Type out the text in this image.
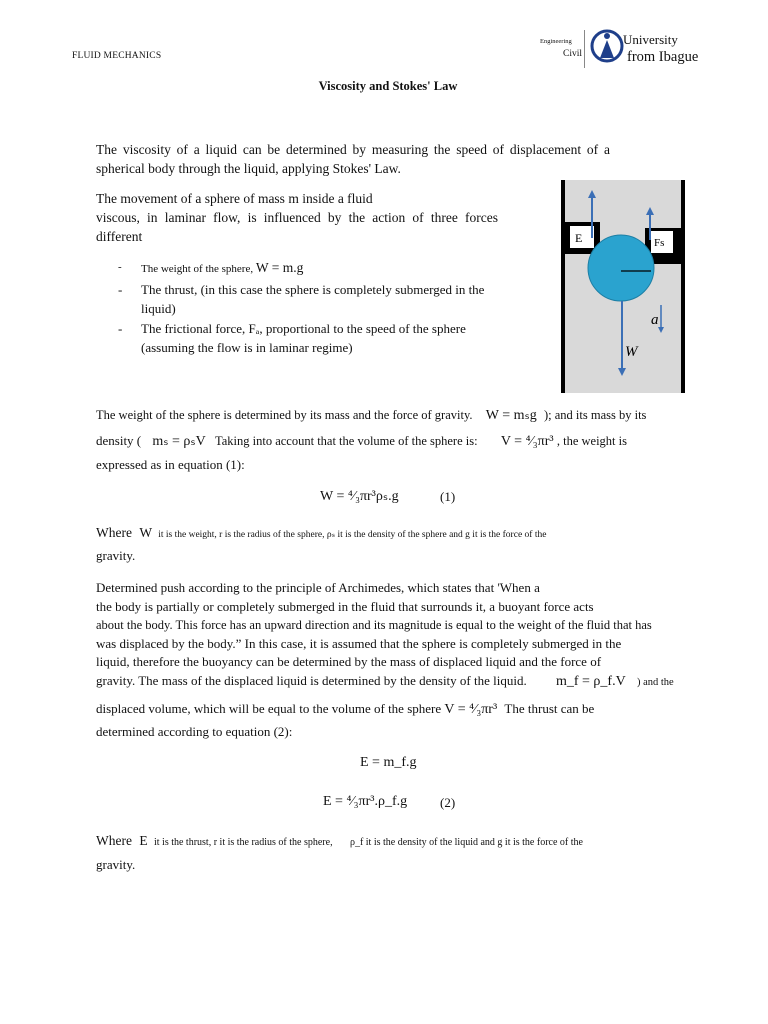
FLUID MECHANICS
Engineering
Civil
University
from Ibague
Viscosity and Stokes' Law

The viscosity of a liquid can be determined by measuring the speed of displacement of a spherical body through the liquid, applying Stokes' Law.

The movement of a sphere of mass m inside a fluid

viscous, in laminar flow, is influenced by the action of three forces different

- The weight of the sphere, W = m.g
- The thrust, (in this case the sphere is completely submerged in the liquid)
- The frictional force, Fₐ, proportional to the speed of the sphere (assuming the flow is in laminar regime)
E	Fs
a
W
The weight of the sphere is determined by its mass and the force of gravity. W = mₛg ); and its mass by its
density ( mₛ = ρₛV Taking into account that the volume of the sphere is: V = ⁴⁄₃πr³ , the weight is
expressed as in equation (1):
W = ⁴⁄₃πr³ρₛ.g	(1)
Where W it is the weight, r is the radius of the sphere, ρₛ it is the density of the sphere and g it is the force of the
gravity.
Determined push according to the principle of Archimedes, which states that 'When a
the body is partially or completely submerged in the fluid that surrounds it, a buoyant force acts
about the body. This force has an upward direction and its magnitude is equal to the weight of the fluid that has
was displaced by the body.” In this case, it is assumed that the sphere is completely submerged in the
liquid, therefore the buoyancy can be determined by the mass of displaced liquid and the force of
gravity. The mass of the displaced liquid is determined by the density of the liquid. m_f = ρ_f.V ) and the
displaced volume, which will be equal to the volume of the sphere V = ⁴⁄₃πr³ The thrust can be
determined according to equation (2):
E = m_f.g
E = ⁴⁄₃πr³.ρ_f.g	(2)
Where E it is the thrust, r it is the radius of the sphere, ρ_f it is the density of the liquid and g it is the force of the
gravity.
